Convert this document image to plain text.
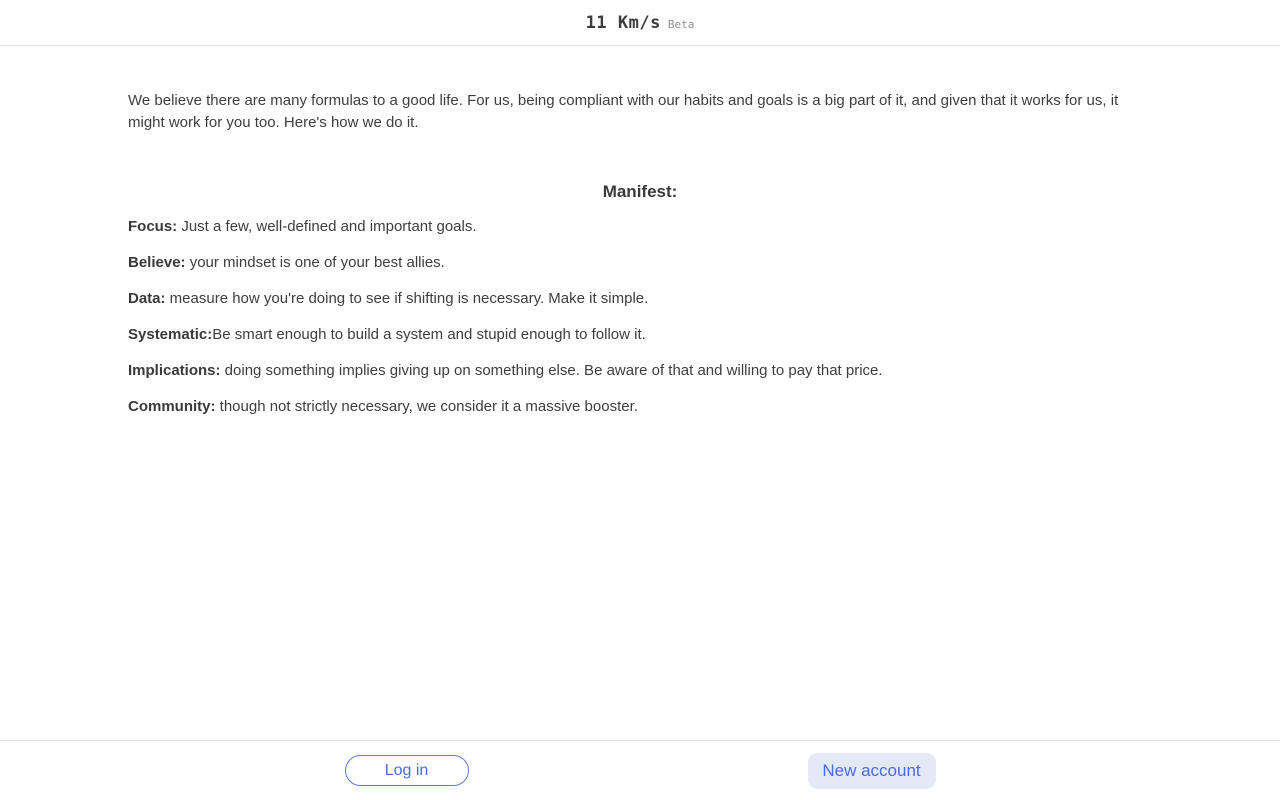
11 Km/s Beta

We believe there are many formulas to a good life. For us, being compliant with our habits and goals is a big part of it, and given that it works for us, it might work for you too. Here's how we do it.

Manifest:

Focus: Just a few, well-defined and important goals.

Believe: your mindset is one of your best allies.

Data: measure how you're doing to see if shifting is necessary. Make it simple.

Systematic:Be smart enough to build a system and stupid enough to follow it.

Implications: doing something implies giving up on something else. Be aware of that and willing to pay that price.

Community: though not strictly necessary, we consider it a massive booster.

Log in	New account
